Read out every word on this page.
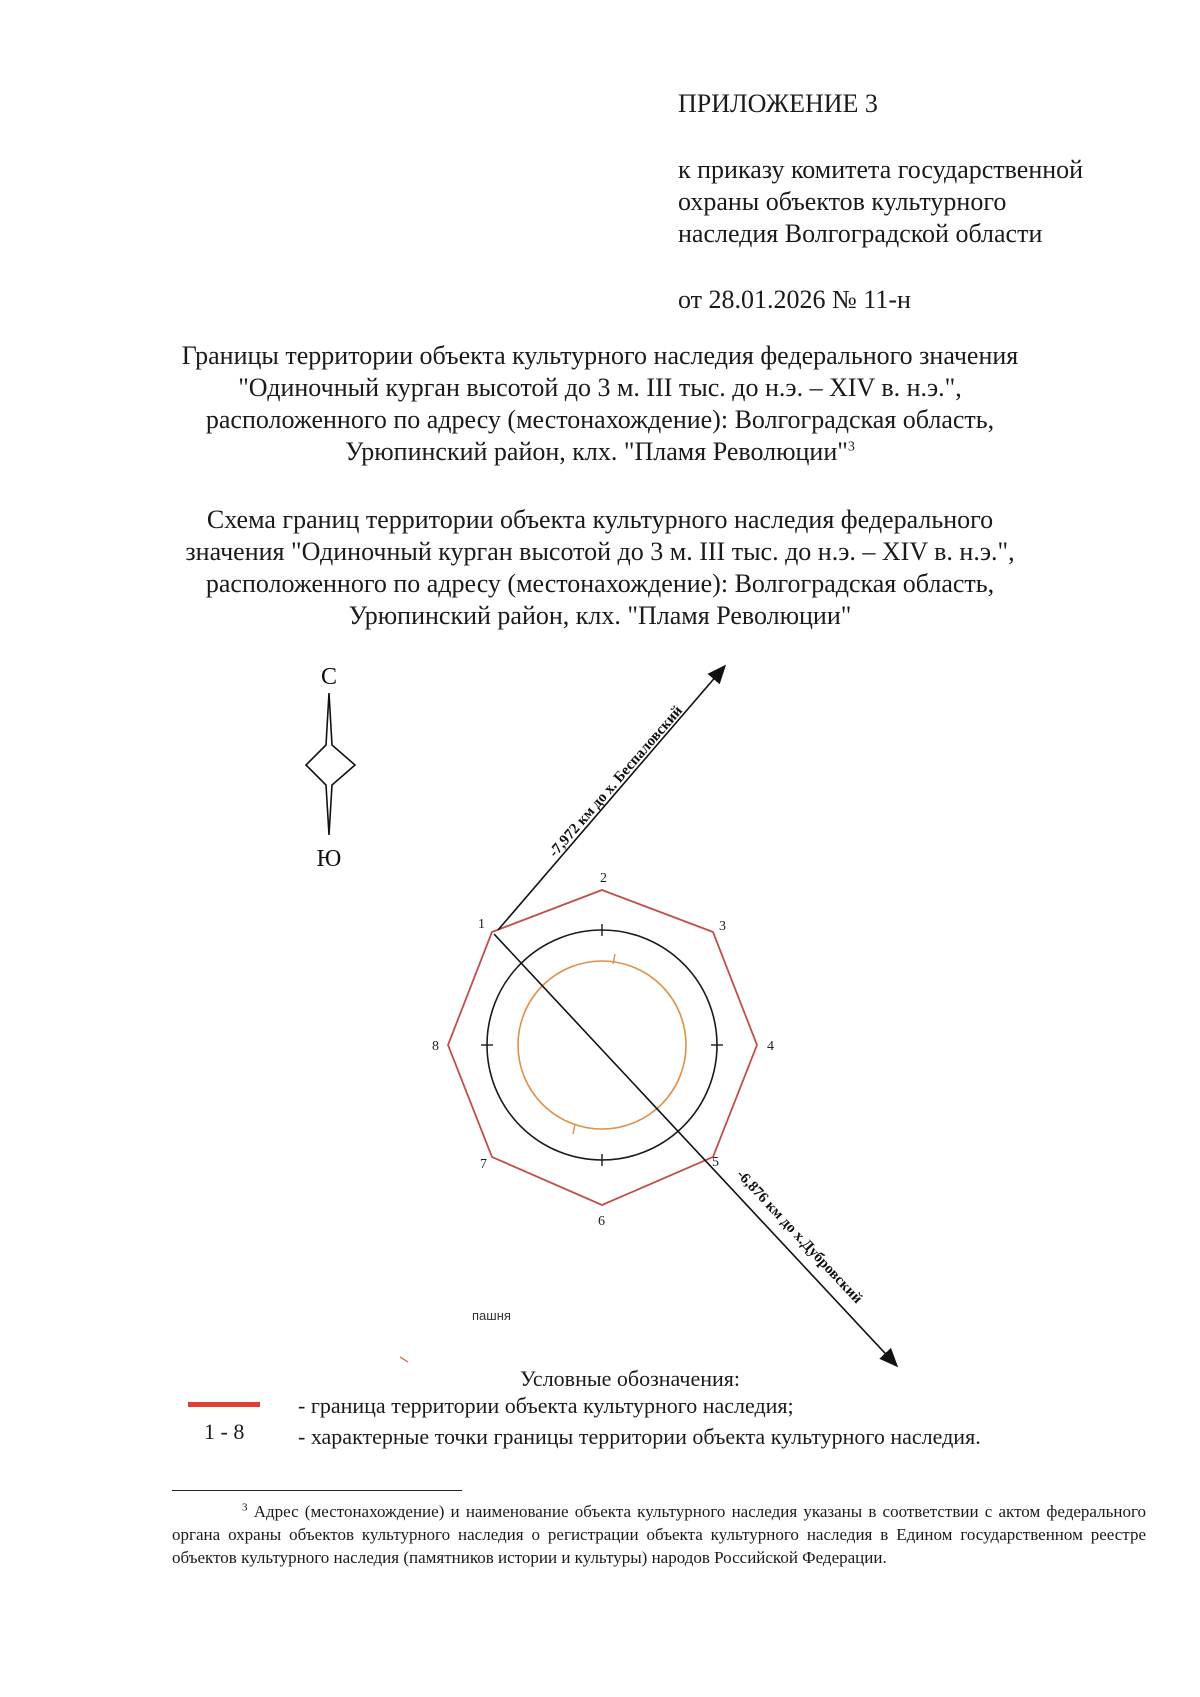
ПРИЛОЖЕНИЕ 3
к приказу комитета государственной
охраны объектов культурного
наследия Волгоградской области
от 28.01.2026 № 11-н
Границы территории объекта культурного наследия федерального значения
"Одиночный курган высотой до 3 м. III тыс. до н.э. – XIV в. н.э.",
расположенного по адресу (местонахождение): Волгоградская область,
Урюпинский район, клх. "Пламя Революции"$^3$
Схема границ территории объекта культурного наследия федерального
значения "Одиночный курган высотой до 3 м. III тыс. до н.э. – XIV в. н.э.",
расположенного по адресу (местонахождение): Волгоградская область,
Урюпинский район, клх. "Пламя Революции"
С
Ю	-7,972 км до х. Беспаловский
-6,876 км до х.Дубровский
1
2
3
4
5
6
7
8
пашня
Условные обозначения:
- граница территории объекта культурного наследия;
1 - 8 - характерные точки границы территории объекта культурного наследия.
$^3$ Адрес (местонахождение) и наименование объекта культурного наследия указаны в соответствии с актом федерального органа охраны объектов культурного наследия о регистрации объекта культурного наследия в Едином государственном реестре объектов культурного наследия (памятников истории и культуры) народов Российской Федерации.
